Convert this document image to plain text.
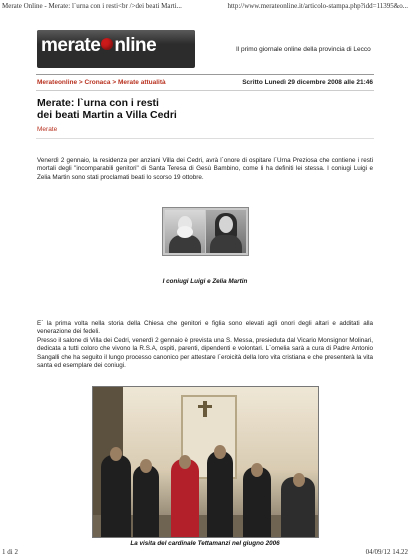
Merate Online - Merate: l`urna con i resti<br />dei beati Marti...	http://www.merateonline.it/articolo-stampa.php?idd=11395&o...
merate nline	Il primo giornale online della provincia di Lecco
Merateonline > Cronaca > Merate attualità	Scritto Lunedì 29 dicembre 2008 alle 21:46
Merate: l`urna con i resti
dei beati Martin a Villa Cedri
Merate
Venerdì 2 gennaio, la residenza per anziani Villa dei Cedri, avrà l`onore di ospitare l`Urna Preziosa che contiene i resti mortali degli "incomparabili genitori" di Santa Teresa di Gesù Bambino, come li ha definiti lei stessa. I coniugi Luigi e Zelia Martin sono stati proclamati beati lo scorso 19 ottobre.
I coniugi Luigi e Zelia Martin
E` la prima volta nella storia della Chiesa che genitori e figlia sono elevati agli onori degli altari e additati alla venerazione dei fedeli.
Presso il salone di Villa dei Cedri, venerdì 2 gennaio è prevista una S. Messa, presieduta dal Vicario Monsignor Molinari, dedicata a tutti coloro che vivono la R.S.A, ospiti, parenti, dipendenti e volontari. L`omelia sarà a cura di Padre Antonio Sangalli che ha seguito il lungo processo canonico per attestare l`eroicità della loro vita cristiana e che presenterà la vita santa ed esemplare dei coniugi.
La visita del cardinale Tettamanzi nel giugno 2006
1 di 2	04/09/12 14.22
